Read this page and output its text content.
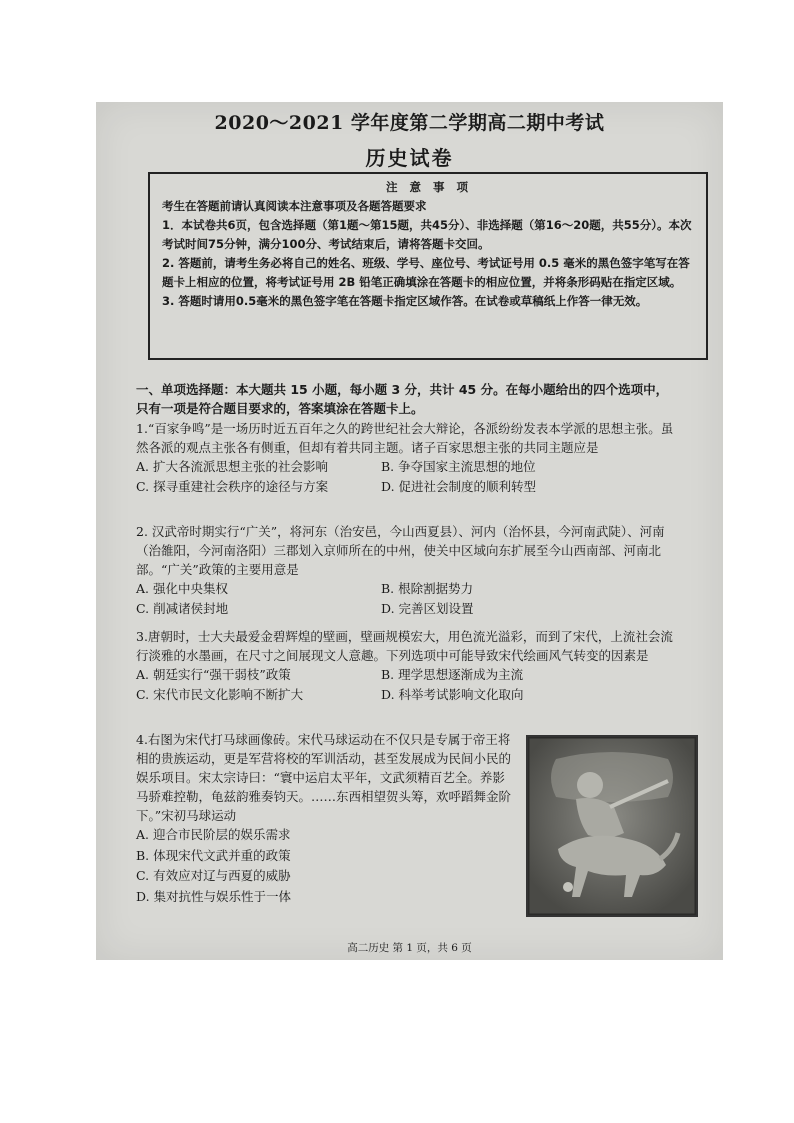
2020～2021 学年度第二学期高二期中考试
历史试卷

注 意 事 项

考生在答题前请认真阅读本注意事项及各题答题要求

1．本试卷共6页，包含选择题（第1题～第15题，共45分）、非选择题（第16～20题，共55分）。本次考试时间75分钟，满分100分、考试结束后，请将答题卡交回。

2. 答题前，请考生务必将自己的姓名、班级、学号、座位号、考试证号用 0.5 毫米的黑色签字笔写在答题卡上相应的位置，将考试证号用 2B 铅笔正确填涂在答题卡的相应位置，并将条形码贴在指定区域。

3. 答题时请用0.5毫米的黑色签字笔在答题卡指定区域作答。在试卷或草稿纸上作答一律无效。

一、单项选择题：本大题共 15 小题，每小题 3 分，共计 45 分。在每小题给出的四个选项中，只有一项是符合题目要求的，答案填涂在答题卡上。

1.“百家争鸣”是一场历时近五百年之久的跨世纪社会大辩论，各派纷纷发表本学派的思想主张。虽然各派的观点主张各有侧重，但却有着共同主题。诸子百家思想主张的共同主题应是

A. 扩大各流派思想主张的社会影响	B. 争夺国家主流思想的地位
C. 探寻重建社会秩序的途径与方案	D. 促进社会制度的顺利转型

2. 汉武帝时期实行“广关”，将河东（治安邑，今山西夏县）、河内（治怀县，今河南武陡）、河南（治雒阳，今河南洛阳）三郡划入京师所在的中州，使关中区域向东扩展至今山西南部、河南北部。“广关”政策的主要用意是

A. 强化中央集权	B. 根除割据势力
C. 削减诸侯封地	D. 完善区划设置

3.唐朝时，士大夫最爱金碧辉煌的壁画，壁画规模宏大，用色流光溢彩，而到了宋代，上流社会流行淡雅的水墨画，在尺寸之间展现文人意趣。下列选项中可能导致宋代绘画风气转变的因素是

A. 朝廷实行“强干弱枝”政策	B. 理学思想逐渐成为主流
C. 宋代市民文化影响不断扩大	D. 科举考试影响文化取向

4.右图为宋代打马球画像砖。宋代马球运动在不仅只是专属于帝王将相的贵族运动，更是军营将校的军训活动，甚至发展成为民间小民的娱乐项目。宋太宗诗曰：“寰中运启太平年，文武须精百艺全。养影马骄难控勒，龟兹韵雅奏钧天。……东西相望贺头筹，欢呼蹈舞金阶下。”宋初马球运动

A. 迎合市民阶层的娱乐需求
B. 体现宋代文武并重的政策
C. 有效应对辽与西夏的威胁
D. 集对抗性与娱乐性于一体
高二历史 第 1 页，共 6 页
